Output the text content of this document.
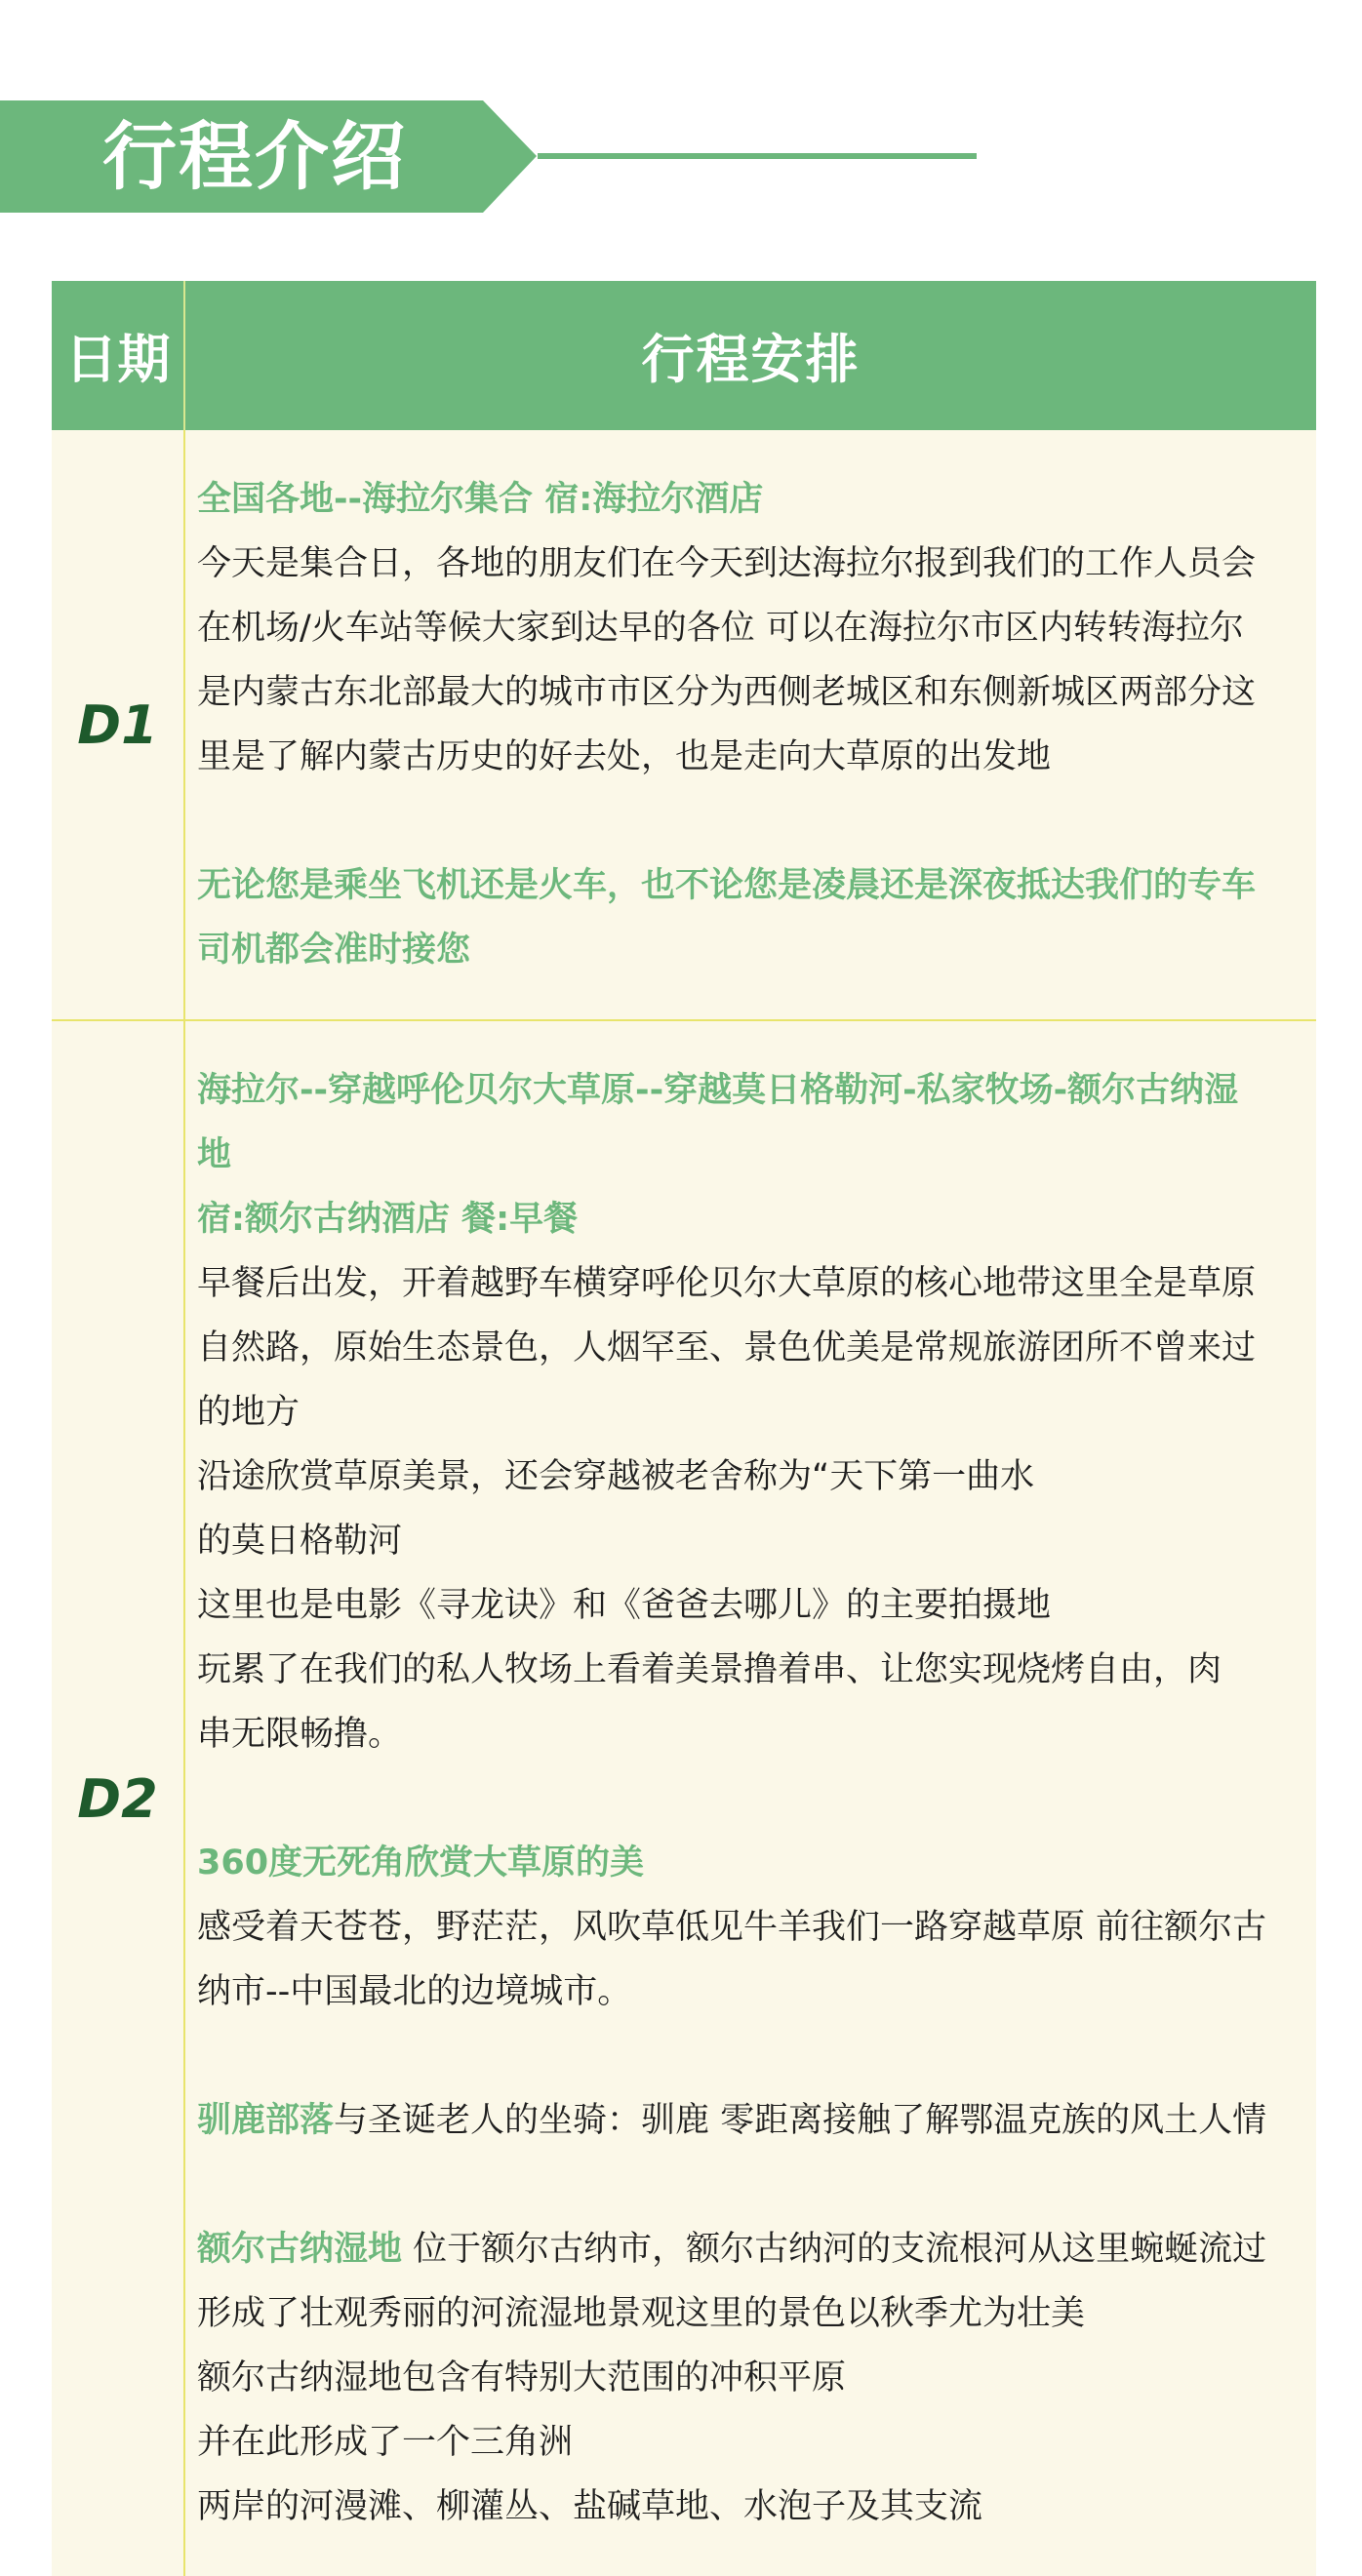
行程介绍
日期	行程安排
D1
全国各地--海拉尔集合 宿:海拉尔酒店
今天是集合日，各地的朋友们在今天到达海拉尔报到我们的工作人员会
在机场/火车站等候大家到达早的各位 可以在海拉尔市区内转转海拉尔
是内蒙古东北部最大的城市市区分为西侧老城区和东侧新城区两部分这
里是了解内蒙古历史的好去处，也是走向大草原的出发地
无论您是乘坐飞机还是火车，也不论您是凌晨还是深夜抵达我们的专车
司机都会准时接您
D2
海拉尔--穿越呼伦贝尔大草原--穿越莫日格勒河-私家牧场-额尔古纳湿
地
宿:额尔古纳酒店 餐:早餐
早餐后出发，开着越野车横穿呼伦贝尔大草原的核心地带这里全是草原
自然路，原始生态景色，人烟罕至、景色优美是常规旅游团所不曾来过
的地方
沿途欣赏草原美景，还会穿越被老舍称为“天下第一曲水
的莫日格勒河
这里也是电影《寻龙诀》和《爸爸去哪儿》的主要拍摄地
玩累了在我们的私人牧场上看着美景撸着串、让您实现烧烤自由，肉
串无限畅撸。
360度无死角欣赏大草原的美
感受着天苍苍，野茫茫，风吹草低见牛羊我们一路穿越草原 前往额尔古
纳市--中国最北的边境城市。
驯鹿部落与圣诞老人的坐骑：驯鹿 零距离接触了解鄂温克族的风土人情
额尔古纳湿地 位于额尔古纳市，额尔古纳河的支流根河从这里蜿蜒流过
形成了壮观秀丽的河流湿地景观这里的景色以秋季尤为壮美
额尔古纳湿地包含有特别大范围的冲积平原
并在此形成了一个三角洲
两岸的河漫滩、柳灌丛、盐碱草地、水泡子及其支流
